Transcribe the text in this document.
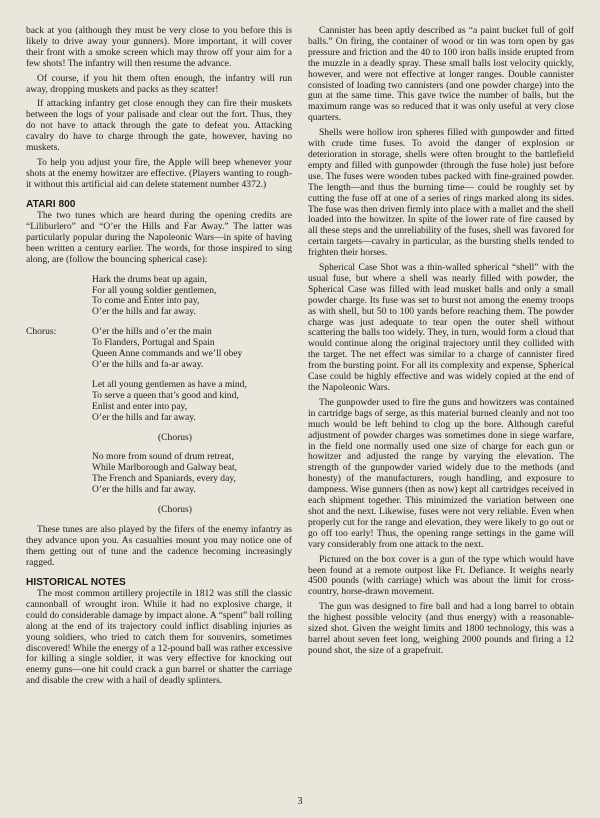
back at you (although they must be very close to you before this is likely to drive away your gunners). More important, it will cover their front with a smoke screen which may throw off your aim for a few shots! The infantry will then resume the advance.

Of course, if you hit them often enough, the infantry will run away, dropping muskets and packs as they scatter!

If attacking infantry get close enough they can fire their muskets between the logs of your palisade and clear out the fort. Thus, they do not have to attack through the gate to defeat you. Attacking cavalry do have to charge through the gate, however, having no muskets.

To help you adjust your fire, the Apple will beep whenever your shots at the enemy howitzer are effective. (Players wanting to rough-it without this artificial aid can delete statement number 4372.)

ATARI 800

The two tunes which are heard during the opening credits are “Liliburlero” and “O’er the Hills and Far Away.” The latter was particularly popular during the Napoleonic Wars—in spite of having been written a century earlier. The words, for those inspired to sing along, are (follow the bouncing spherical case):

Hark the drums beat up again,
For all young soldier gentlemen,
To come and Enter into pay,
O’er the hills and far away.
Chorus:	O’er the hills and o’er the main
To Flanders, Portugal and Spain
Queen Anne commands and we’ll obey
O’er the hills and fa-ar away.
Let all young gentlemen as have a mind,
To serve a queen that’s good and kind,
Enlist and enter into pay,
O’er the hills and far away.
(Chorus)
No more from sound of drum retreat,
While Marlborough and Galway beat,
The French and Spaniards, every day,
O’er the hills and far away.
(Chorus)

These tunes are also played by the fifers of the enemy infantry as they advance upon you. As casualties mount you may notice one of them getting out of tune and the cadence becoming increasingly ragged.

HISTORICAL NOTES

The most common artillery projectile in 1812 was still the classic cannonball of wrought iron. While it had no explosive charge, it could do considerable damage by impact alone. A “spent” ball rolling along at the end of its trajectory could inflict disabling injuries as young soldiers, who tried to catch them for souvenirs, sometimes discovered! While the energy of a 12-pound ball was rather excessive for killing a single soldier, it was very effective for knocking out enemy guns—one hit could crack a gun barrel or shatter the carriage and disable the crew with a hail of deadly splinters.

Cannister has been aptly described as “a paint bucket full of golf balls.” On firing, the container of wood or tin was torn open by gas pressure and friction and the 40 to 100 iron balls inside erupted from the muzzle in a deadly spray. These small balls lost velocity quickly, however, and were not effective at longer ranges. Double cannister consisted of loading two cannisters (and one powder charge) into the gun at the same time. This gave twice the number of balls, but the maximum range was so reduced that it was only useful at very close quarters.

Shells were hollow iron spheres filled with gunpowder and fitted with crude time fuses. To avoid the danger of explosion or deterioration in storage, shells were often brought to the battlefield empty and filled with gunpowder (through the fuse hole) just before use. The fuses were wooden tubes packed with fine-grained powder. The length—and thus the burning time— could be roughly set by cutting the fuse off at one of a series of rings marked along its sides. The fuse was then driven firmly into place with a mallet and the shell loaded into the howitzer. In spite of the lower rate of fire caused by all these steps and the unreliability of the fuses, shell was favored for certain targets—cavalry in particular, as the bursting shells tended to frighten their horses.

Spherical Case Shot was a thin-walled spherical “shell” with the usual fuse, but where a shell was nearly filled with powder, the Spherical Case was filled with lead musket balls and only a small powder charge. Its fuse was set to burst not among the enemy troops as with shell, but 50 to 100 yards before reaching them. The powder charge was just adequate to tear open the outer shell without scattering the balls too widely. They, in turn, would form a cloud that would continue along the original trajectory until they collided with the target. The net effect was similar to a charge of cannister fired from the bursting point. For all its complexity and expense, Spherical Case could be highly effective and was widely copied at the end of the Napoleonic Wars.

The gunpowder used to fire the guns and howitzers was contained in cartridge bags of serge, as this material burned cleanly and not too much would be left behind to clog up the bore. Although careful adjustment of powder charges was sometimes done in siege warfare, in the field one normally used one size of charge for each gun or howitzer and adjusted the range by varying the elevation. The strength of the gunpowder varied widely due to the methods (and honesty) of the manufacturers, rough handling, and exposure to dampness. Wise gunners (then as now) kept all cartridges received in each shipment together. This minimized the variation between one shot and the next. Likewise, fuses were not very reliable. Even when properly cut for the range and elevation, they were likely to go out or go off too early! Thus, the opening range settings in the game will vary considerably from one attack to the next.

Pictured on the box cover is a gun of the type which would have been found at a remote outpost like Ft. Defiance. It weighs nearly 4500 pounds (with carriage) which was about the limit for cross-country, horse-drawn movement.

The gun was designed to fire ball and had a long barrel to obtain the highest possible velocity (and thus energy) with a reasonable-sized shot. Given the weight limits and 1800 technology, this was a barrel about seven feet long, weighing 2000 pounds and firing a 12 pound shot, the size of a grapefruit.

3
